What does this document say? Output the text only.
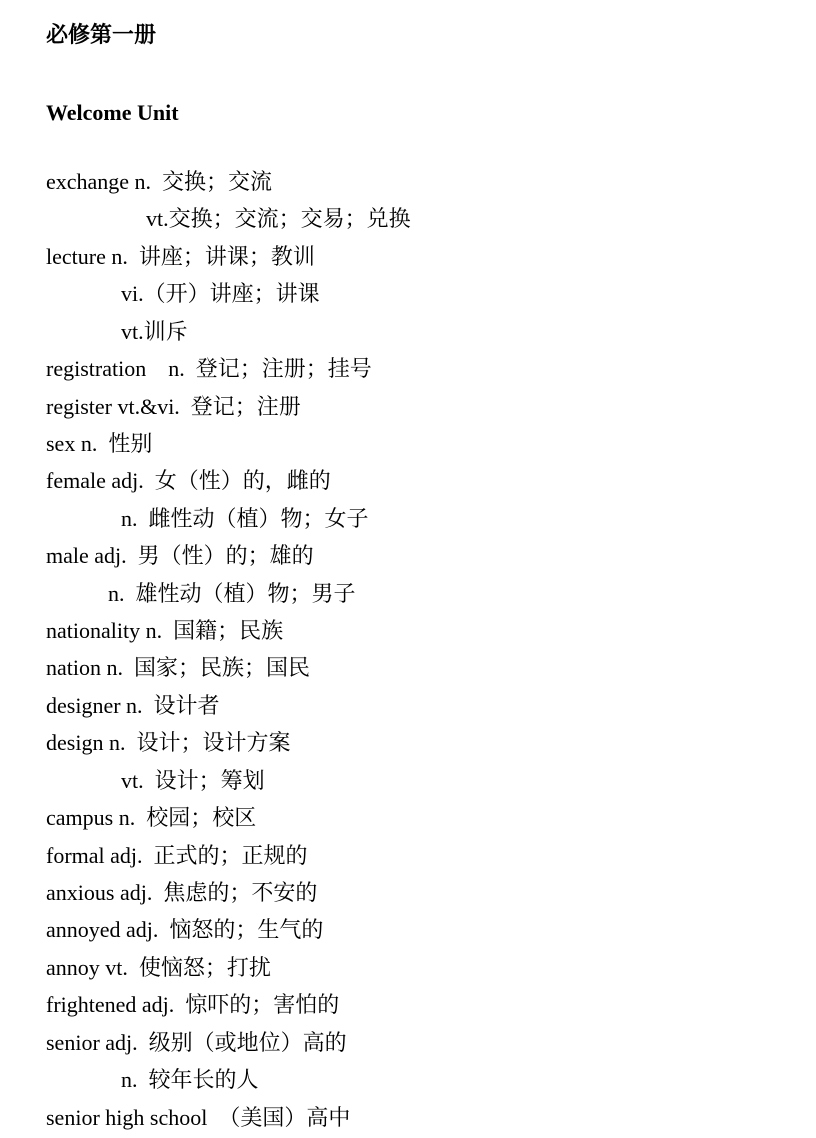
必修第一册
Welcome Unit
exchange n.  交换；交流
vt.交换；交流；交易；兑换
lecture n.  讲座；讲课；教训
vi.（开）讲座；讲课
vt.训斥
registration    n.  登记；注册；挂号
register vt.&vi.  登记；注册
sex n.  性别
female adj.  女（性）的，雌的
n.  雌性动（植）物；女子
male adj.  男（性）的；雄的
n.  雄性动（植）物；男子
nationality n.  国籍；民族
nation n.  国家；民族；国民
designer n.  设计者
design n.  设计；设计方案
vt.  设计；筹划
campus n.  校园；校区
formal adj.  正式的；正规的
anxious adj.  焦虑的；不安的
annoyed adj.  恼怒的；生气的
annoy vt.  使恼怒；打扰
frightened adj.  惊吓的；害怕的
senior adj.  级别（或地位）高的
n.  较年长的人
senior high school  （美国）高中
